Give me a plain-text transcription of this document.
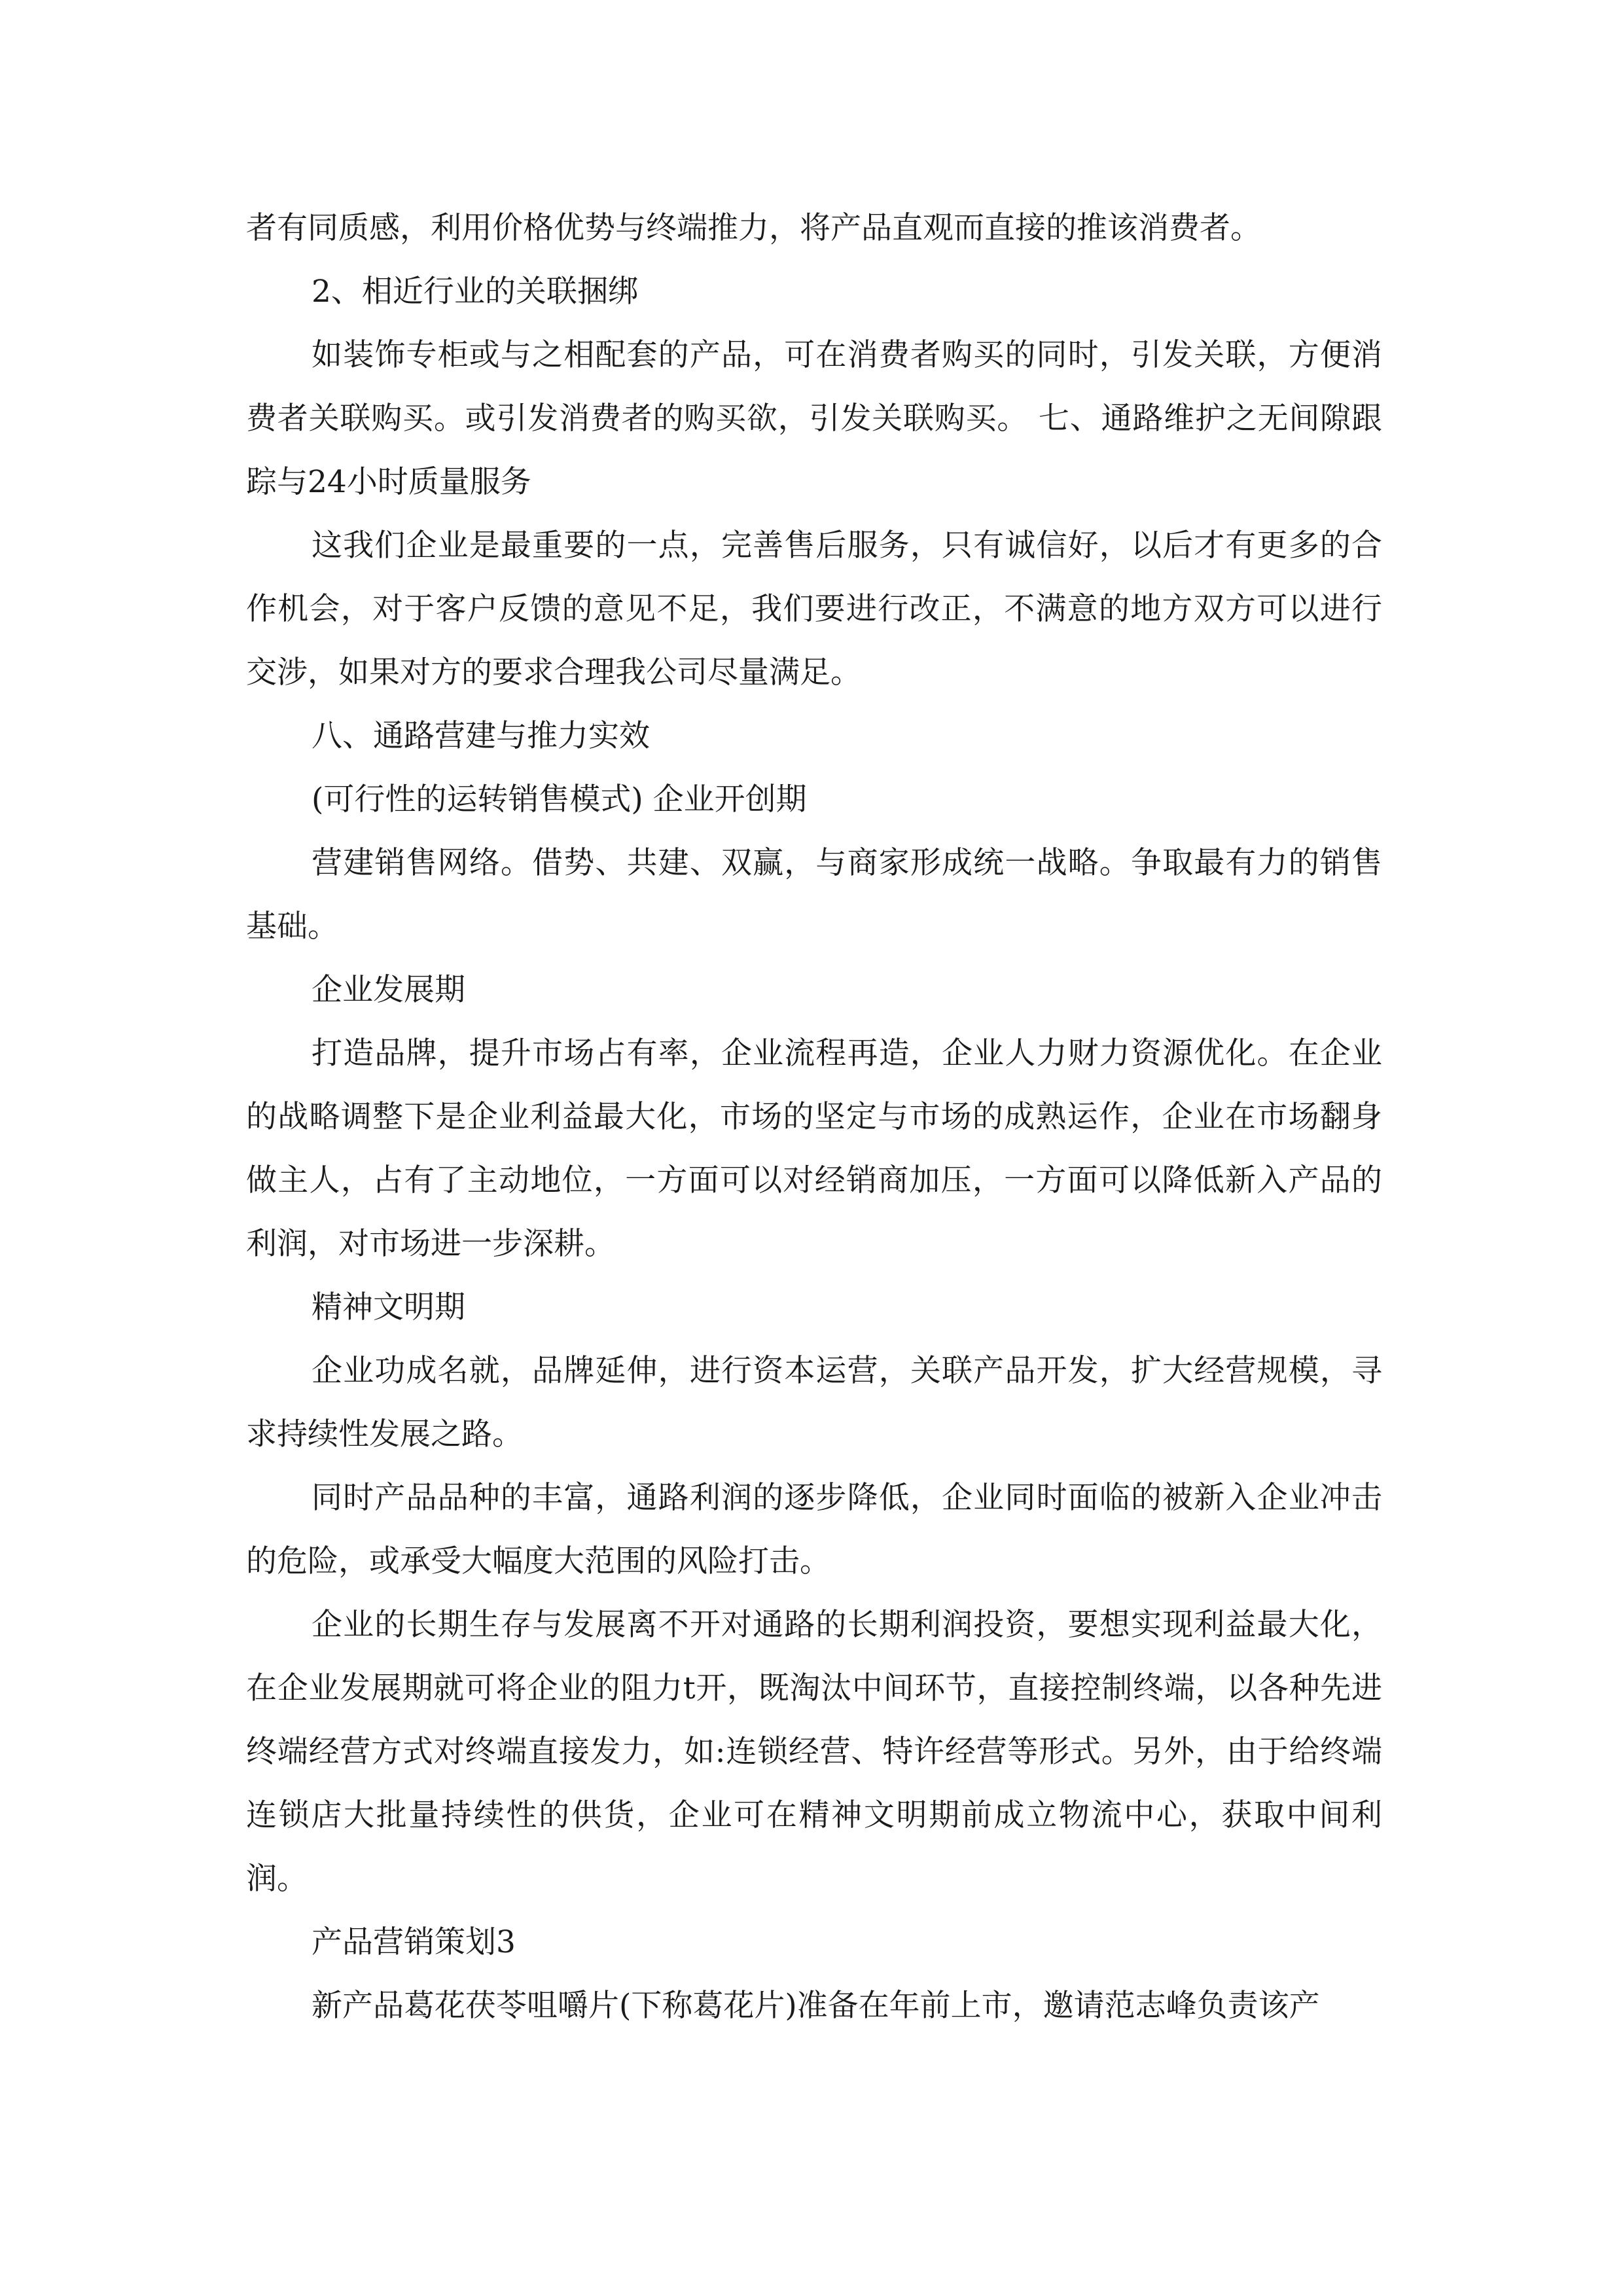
者有同质感，利用价格优势与终端推力，将产品直观而直接的推该消费者。

2、相近行业的关联捆绑

如装饰专柜或与之相配套的产品，可在消费者购买的同时，引发关联，方便消费者关联购买。或引发消费者的购买欲，引发关联购买。 七、通路维护之无间隙跟踪与24小时质量服务

这我们企业是最重要的一点，完善售后服务，只有诚信好，以后才有更多的合作机会，对于客户反馈的意见不足，我们要进行改正，不满意的地方双方可以进行交涉，如果对方的要求合理我公司尽量满足。

八、通路营建与推力实效

(可行性的运转销售模式) 企业开创期

营建销售网络。借势、共建、双赢，与商家形成统一战略。争取最有力的销售基础。

企业发展期

打造品牌，提升市场占有率，企业流程再造，企业人力财力资源优化。在企业的战略调整下是企业利益最大化，市场的坚定与市场的成熟运作，企业在市场翻身做主人，占有了主动地位，一方面可以对经销商加压，一方面可以降低新入产品的利润，对市场进一步深耕。

精神文明期

企业功成名就，品牌延伸，进行资本运营，关联产品开发，扩大经营规模，寻求持续性发展之路。

同时产品品种的丰富，通路利润的逐步降低，企业同时面临的被新入企业冲击的危险，或承受大幅度大范围的风险打击。

企业的长期生存与发展离不开对通路的长期利润投资，要想实现利益最大化，在企业发展期就可将企业的阻力t开，既淘汰中间环节，直接控制终端，以各种先进终端经营方式对终端直接发力，如:连锁经营、特许经营等形式。另外，由于给终端连锁店大批量持续性的供货，企业可在精神文明期前成立物流中心，获取中间利润。

产品营销策划3

新产品葛花茯苓咀嚼片(下称葛花片)准备在年前上市，邀请范志峰负责该产
